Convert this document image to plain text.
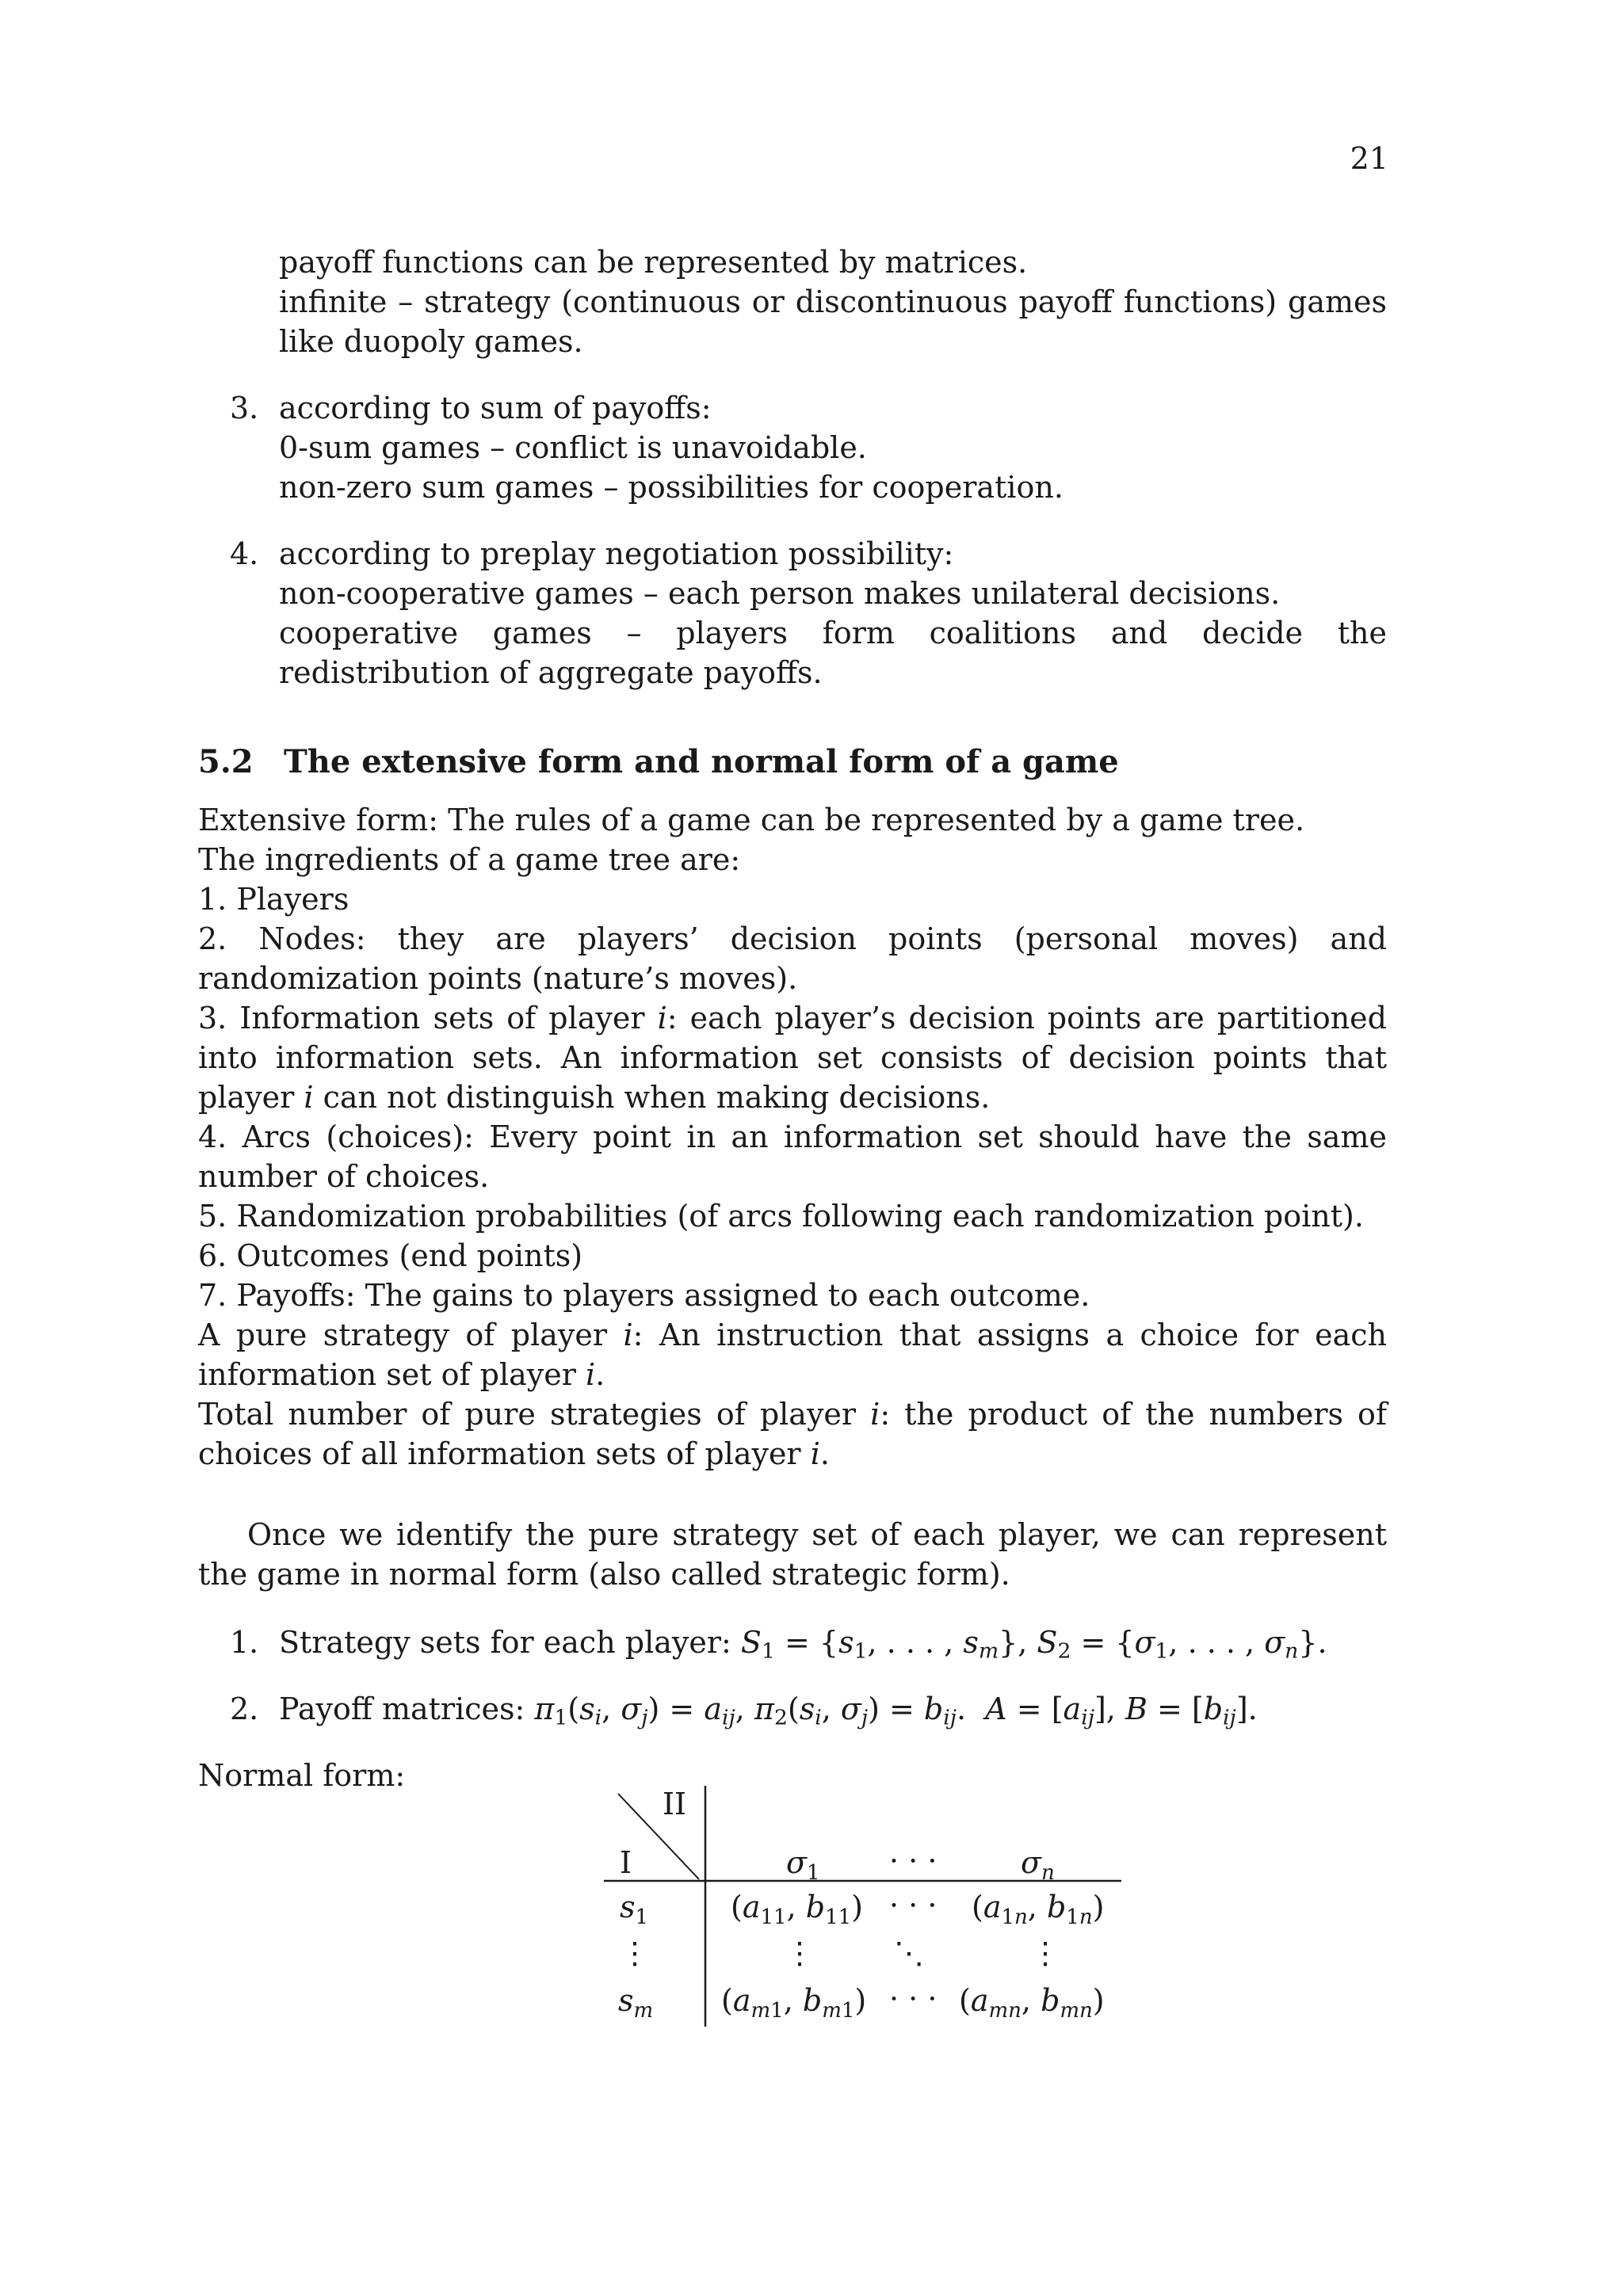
21
payoff functions can be represented by matrices.
infinite – strategy (continuous or discontinuous payoff functions) games like duopoly games.
3. according to sum of payoffs:
0-sum games – conflict is unavoidable.
non-zero sum games – possibilities for cooperation.
4. according to preplay negotiation possibility:
non-cooperative games – each person makes unilateral decisions.
cooperative games – players form coalitions and decide the redistribution of aggregate payoffs.
5.2 The extensive form and normal form of a game
Extensive form: The rules of a game can be represented by a game tree.
The ingredients of a game tree are:
1. Players
2. Nodes: they are players’ decision points (personal moves) and randomization points (nature’s moves).
3. Information sets of player i: each player’s decision points are partitioned into information sets. An information set consists of decision points that player i can not distinguish when making decisions.
4. Arcs (choices): Every point in an information set should have the same number of choices.
5. Randomization probabilities (of arcs following each randomization point).
6. Outcomes (end points)
7. Payoffs: The gains to players assigned to each outcome.
A pure strategy of player i: An instruction that assigns a choice for each information set of player i.
Total number of pure strategies of player i: the product of the numbers of choices of all information sets of player i.
Once we identify the pure strategy set of each player, we can represent the game in normal form (also called strategic form).
1. Strategy sets for each player: $S_1 = \{s_1$, . . . , $s_m$}, $S_2 = \{\sigma_1$, . . . , $\sigma_n$}.
2. Payoff matrices: $\pi_1(s_i$, $\sigma_j) = a_{ij}$, $\pi_2(s_i$, $\sigma_j) = b_{ij}$.  $A = [a_{ij}]$, $B = [b_{ij}]$.
Normal form:
II
I	$\sigma_1$ · · ·	$\sigma_n$
$s_1$	($a_{11}$, $b_{11}$) · · · ($a_{1n}$, $b_{1n}$)
⋮	⋮	⋱	⋮
$s_m$ ($a_{m1}$, $b_{m1}$) · · · ($a_{mn}$, $b_{mn}$)
